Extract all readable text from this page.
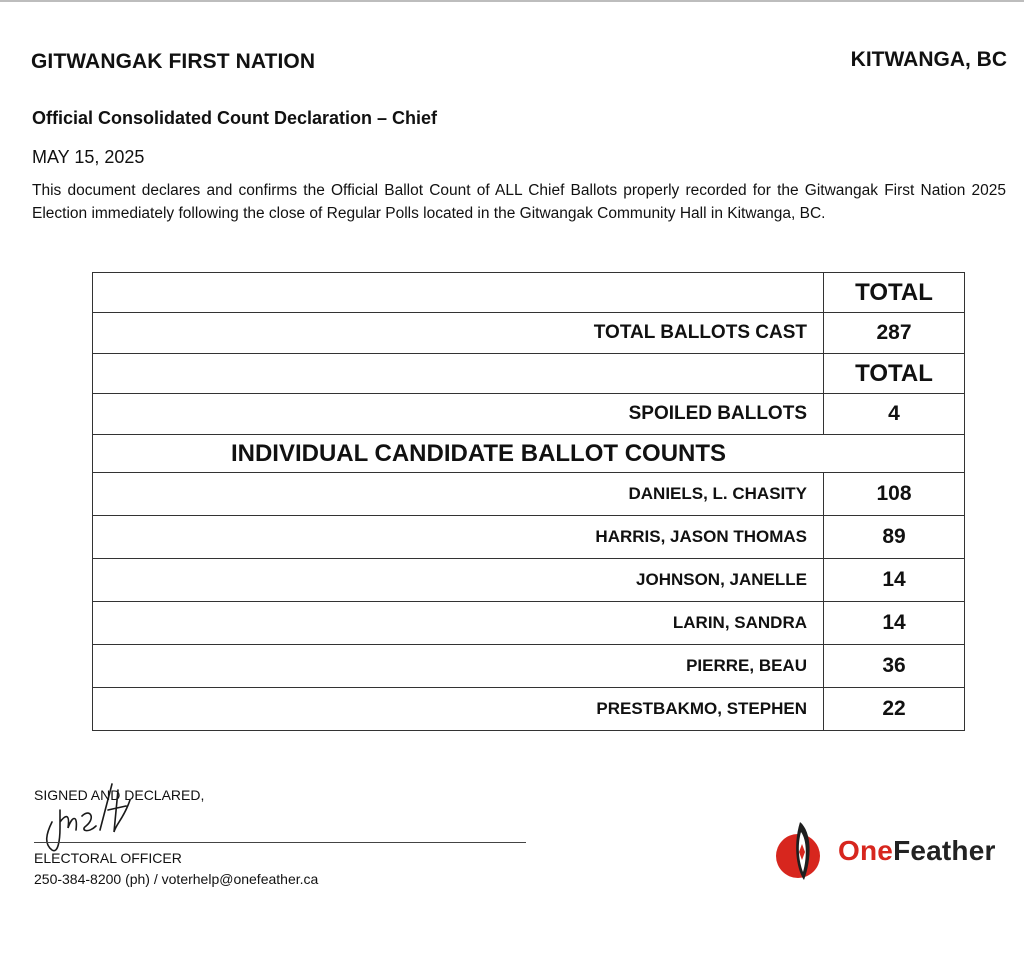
GITWANGAK FIRST NATION	KITWANGA, BC
Official Consolidated Count Declaration – Chief
MAY 15, 2025
This document declares and confirms the Official Ballot Count of ALL Chief Ballots properly recorded for the Gitwangak First Nation 2025 Election immediately following the close of Regular Polls located in the Gitwangak Community Hall in Kitwanga, BC.
	TOTAL
TOTAL BALLOTS CAST	287
	TOTAL
SPOILED BALLOTS	4
INDIVIDUAL CANDIDATE BALLOT COUNTS	
DANIELS, L. CHASITY	108
HARRIS, JASON THOMAS	89
JOHNSON, JANELLE	14
LARIN, SANDRA	14
PIERRE, BEAU	36
PRESTBAKMO, STEPHEN	22
SIGNED AND DECLARED,
ELECTORAL OFFICER
250-384-8200 (ph) / voterhelp@onefeather.ca
OneFeather
